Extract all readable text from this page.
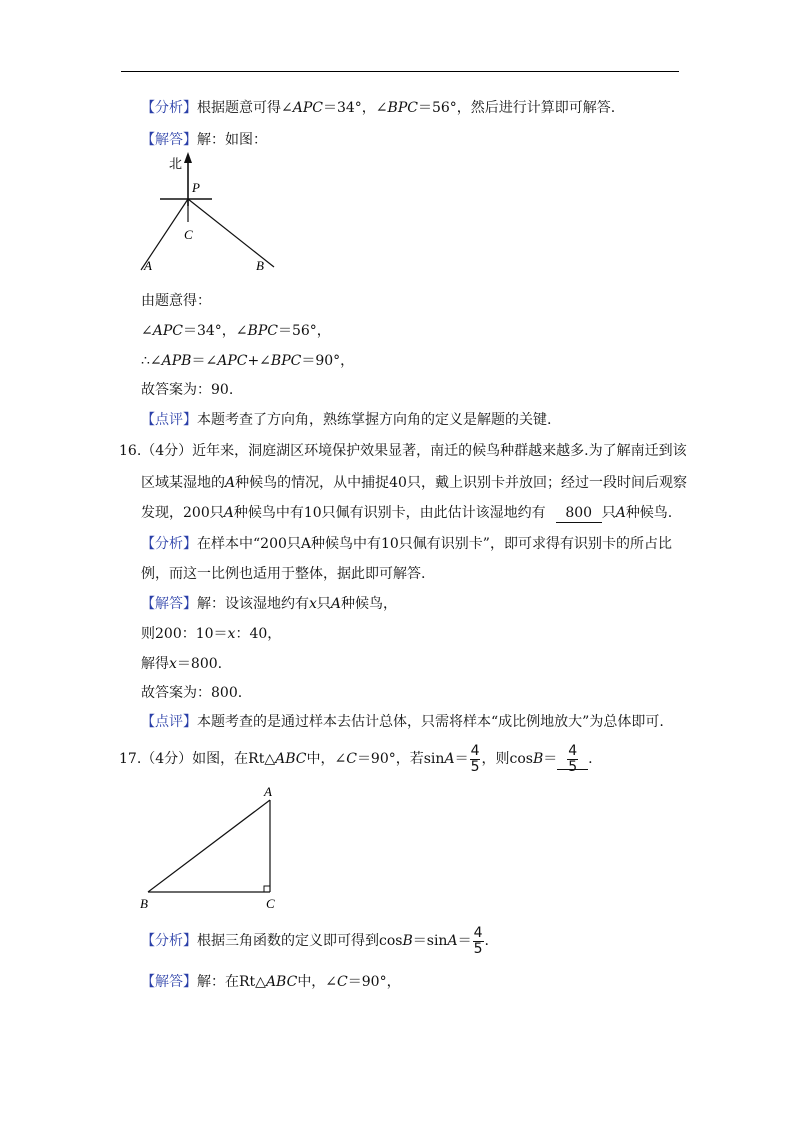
【分析】根据题意可得∠APC＝34°，∠BPC＝56°，然后进行计算即可解答.
【解答】解：如图：
北
P
C
A	B
由题意得：
∠APC＝34°，∠BPC＝56°，
∴∠APB＝∠APC+∠BPC＝90°，
故答案为：90.
【点评】本题考查了方向角，熟练掌握方向角的定义是解题的关键.
16.（4分）近年来，洞庭湖区环境保护效果显著，南迁的候鸟种群越来越多.为了解南迁到该
区域某湿地的A种候鸟的情况，从中捕捉40只，戴上识别卡并放回；经过一段时间后观察
发现，200只A种候鸟中有10只佩有识别卡，由此估计该湿地约有 800 只A种候鸟.
【分析】在样本中“200只A种候鸟中有10只佩有识别卡”，即可求得有识别卡的所占比
例，而这一比例也适用于整体，据此即可解答.
【解答】解：设该湿地约有x只A种候鸟，
则200：10＝x：40，
解得x＝800.
故答案为：800.
【点评】本题考查的是通过样本去估计总体，只需将样本“成比例地放大”为总体即可.
17.（4分）如图，在Rt△ABC中，∠C＝90°，若$\sin A= \frac{4}{5}$ ，则$\cos B= \frac{4}{5}$ .
A
B	C
【分析】根据三角函数的定义即可得到$\cos B=\sin A= \frac{4}{5}$ .
【解答】解：在Rt△ABC中，∠C＝90°，
